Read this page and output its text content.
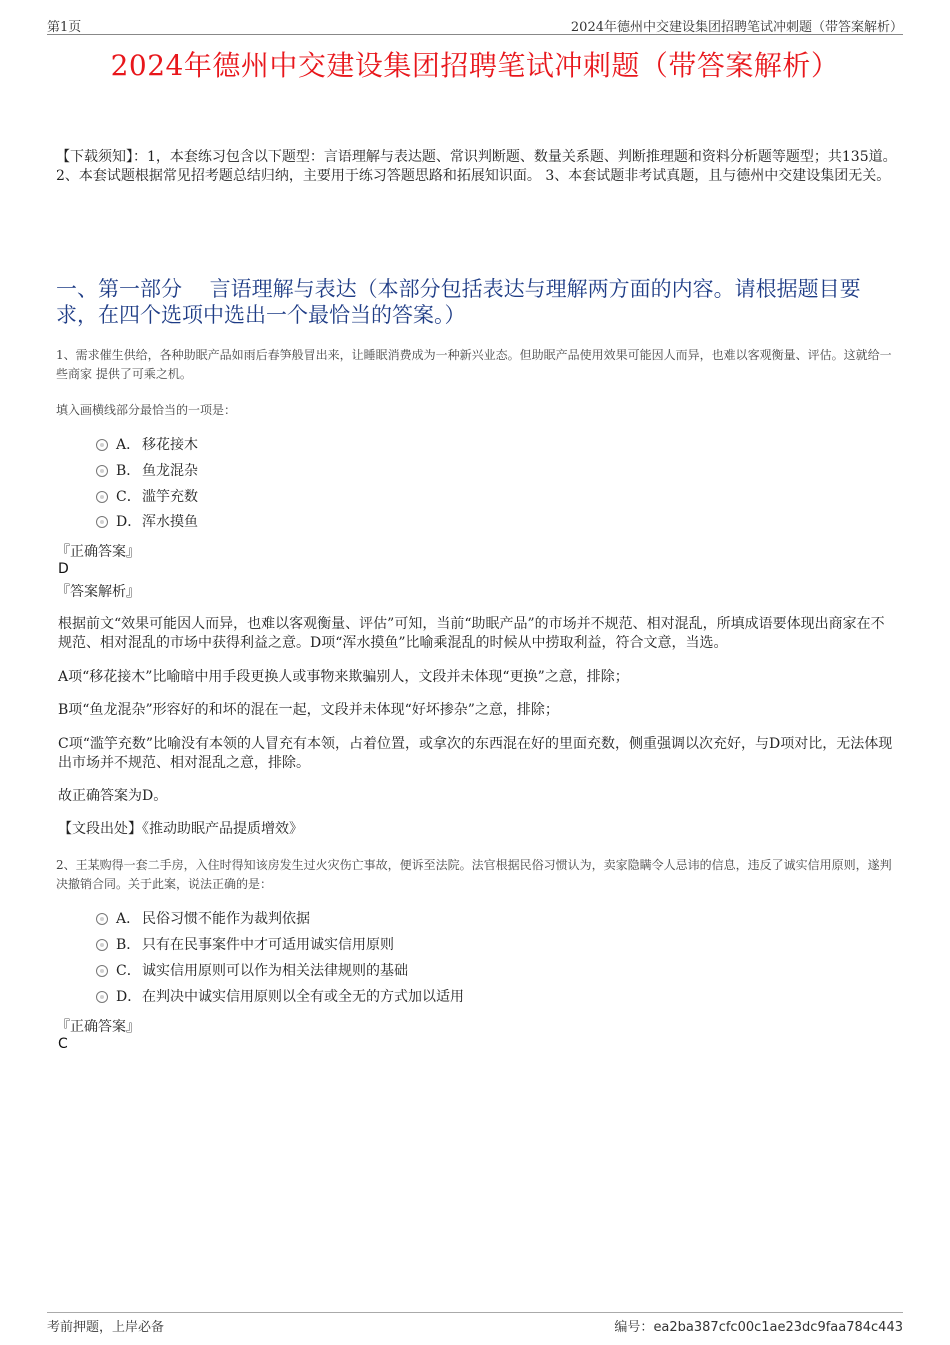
第1页	2024年德州中交建设集团招聘笔试冲刺题（带答案解析）
2024年德州中交建设集团招聘笔试冲刺题（带答案解析）
【下载须知】：1，本套练习包含以下题型：言语理解与表达题、常识判断题、数量关系题、判断推理题和资料分析题等题型；共135道。 2、本套试题根据常见招考题总结归纳，主要用于练习答题思路和拓展知识面。 3、本套试题非考试真题，且与德州中交建设集团无关。
一、第一部分　 言语理解与表达（本部分包括表达与理解两方面的内容。请根据题目要求，在四个选项中选出一个最恰当的答案。）
1、需求催生供给，各种助眠产品如雨后春笋般冒出来，让睡眠消费成为一种新兴业态。但助眠产品使用效果可能因人而异，也难以客观衡量、评估。这就给一些商家 提供了可乘之机。
填入画横线部分最恰当的一项是：
A． 移花接木
B． 鱼龙混杂
C．滥竽充数
D．浑水摸鱼
『正确答案』
D
『答案解析』
根据前文“效果可能因人而异，也难以客观衡量、评估”可知，当前“助眠产品”的市场并不规范、相对混乱，所填成语要体现出商家在不规范、相对混乱的市场中获得利益之意。D项“浑水摸鱼”比喻乘混乱的时候从中捞取利益，符合文意，当选。
A项“移花接木”比喻暗中用手段更换人或事物来欺骗别人，文段并未体现“更换”之意，排除；
B项“鱼龙混杂”形容好的和坏的混在一起，文段并未体现“好坏掺杂”之意，排除；
C项“滥竽充数”比喻没有本领的人冒充有本领，占着位置，或拿次的东西混在好的里面充数，侧重强调以次充好，与D项对比，无法体现出市场并不规范、相对混乱之意，排除。
故正确答案为D。
【文段出处】《推动助眠产品提质增效》
2、王某购得一套二手房，入住时得知该房发生过火灾伤亡事故，便诉至法院。法官根据民俗习惯认为，卖家隐瞒令人忌讳的信息，违反了诚实信用原则，遂判决撤销合同。关于此案，说法正确的是：
A． 民俗习惯不能作为裁判依据
B． 只有在民事案件中才可适用诚实信用原则
C．诚实信用原则可以作为相关法律规则的基础
D．在判决中诚实信用原则以全有或全无的方式加以适用
『正确答案』
C
考前押题，上岸必备	编号：ea2ba387cfc00c1ae23dc9faa784c443
